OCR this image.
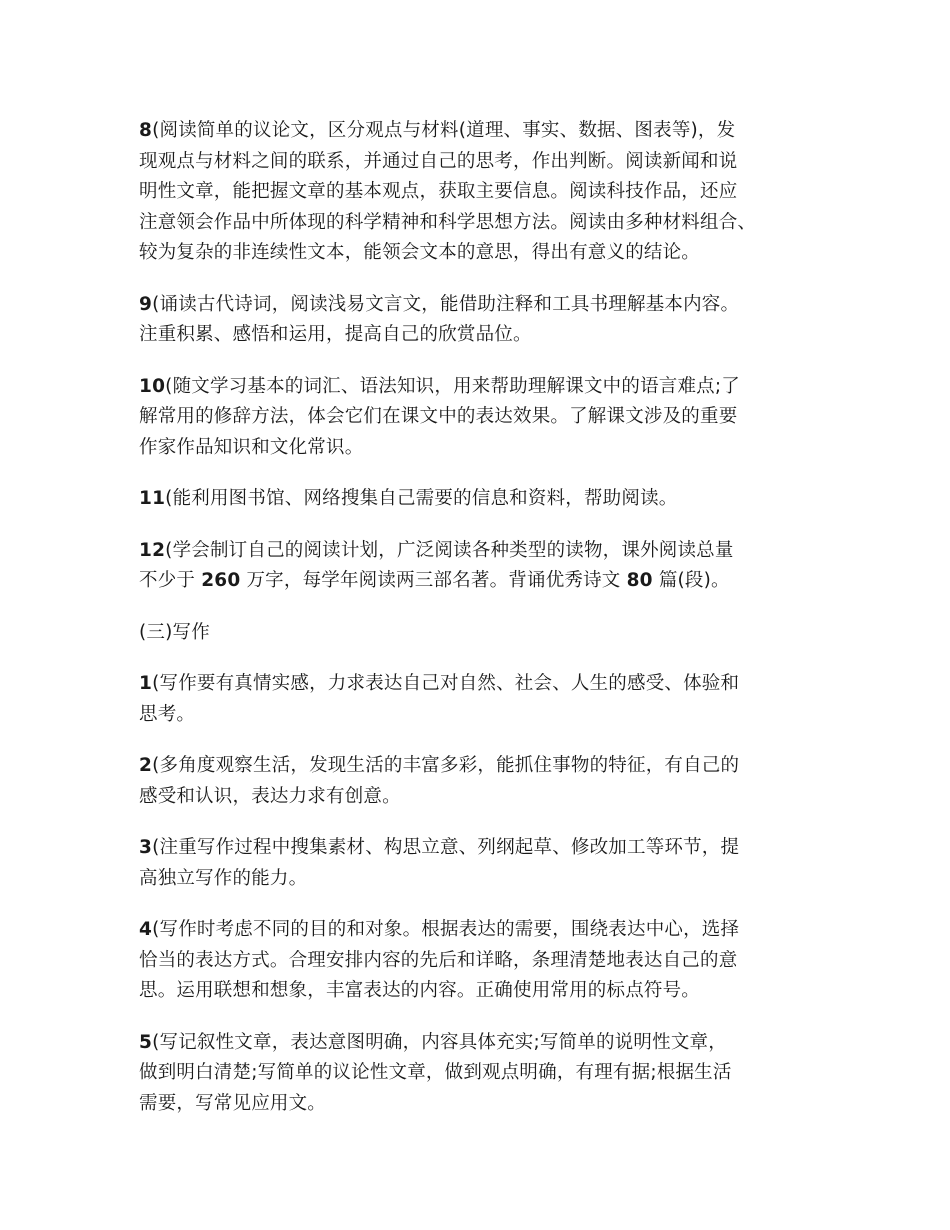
8(阅读简单的议论文，区分观点与材料(道理、事实、数据、图表等)，发
现观点与材料之间的联系，并通过自己的思考，作出判断。阅读新闻和说
明性文章，能把握文章的基本观点，获取主要信息。阅读科技作品，还应
注意领会作品中所体现的科学精神和科学思想方法。阅读由多种材料组合、
较为复杂的非连续性文本，能领会文本的意思，得出有意义的结论。

9(诵读古代诗词，阅读浅易文言文，能借助注释和工具书理解基本内容。
注重积累、感悟和运用，提高自己的欣赏品位。

10(随文学习基本的词汇、语法知识，用来帮助理解课文中的语言难点;了
解常用的修辞方法，体会它们在课文中的表达效果。了解课文涉及的重要
作家作品知识和文化常识。

11(能利用图书馆、网络搜集自己需要的信息和资料，帮助阅读。

12(学会制订自己的阅读计划，广泛阅读各种类型的读物，课外阅读总量
不少于 260 万字，每学年阅读两三部名著。背诵优秀诗文 80 篇(段)。

(三)写作

1(写作要有真情实感，力求表达自己对自然、社会、人生的感受、体验和
思考。

2(多角度观察生活，发现生活的丰富多彩，能抓住事物的特征，有自己的
感受和认识，表达力求有创意。

3(注重写作过程中搜集素材、构思立意、列纲起草、修改加工等环节，提
高独立写作的能力。

4(写作时考虑不同的目的和对象。根据表达的需要，围绕表达中心，选择
恰当的表达方式。合理安排内容的先后和详略，条理清楚地表达自己的意
思。运用联想和想象，丰富表达的内容。正确使用常用的标点符号。

5(写记叙性文章，表达意图明确，内容具体充实;写简单的说明性文章，
做到明白清楚;写简单的议论性文章，做到观点明确，有理有据;根据生活
需要，写常见应用文。
